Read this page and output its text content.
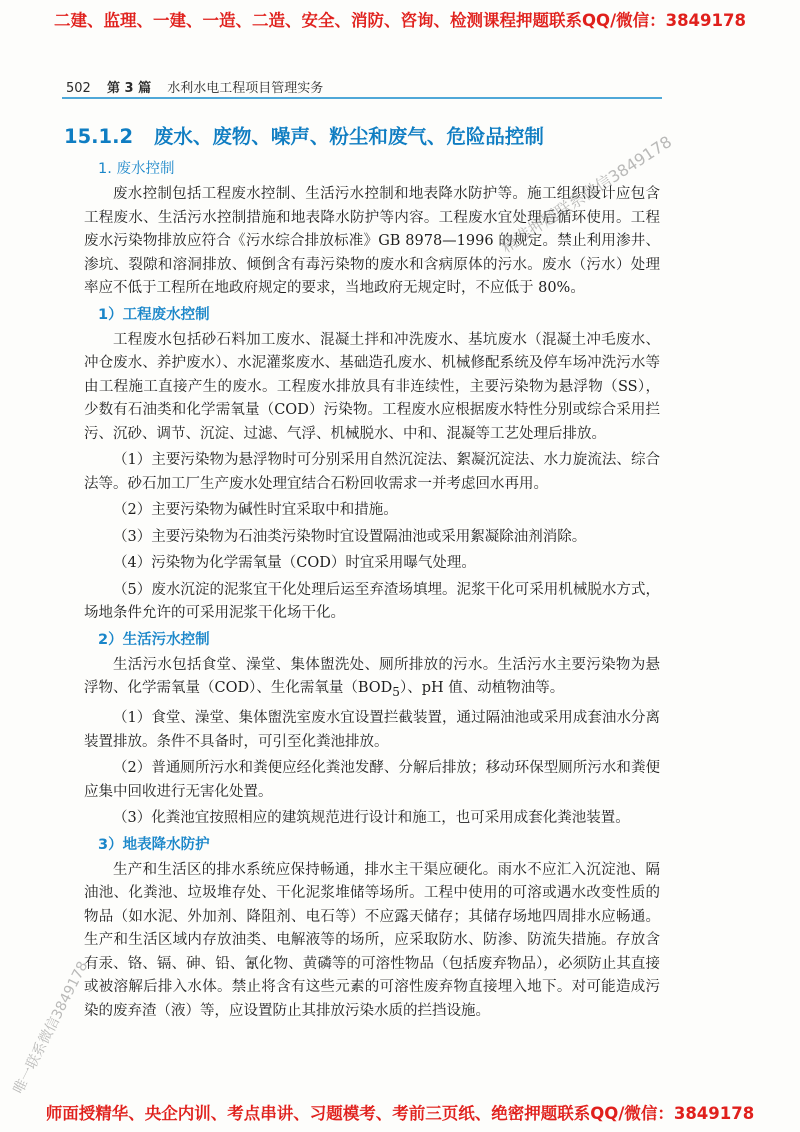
二建、监理、一建、一造、二造、安全、消防、咨询、检测课程押题联系QQ/微信：3849178
502 第 3 篇 水利水电工程项目管理实务
15.1.2 废水、废物、噪声、粉尘和废气、危险品控制
1. 废水控制

废水控制包括工程废水控制、生活污水控制和地表降水防护等。施工组织设计应包含工程废水、生活污水控制措施和地表降水防护等内容。工程废水宜处理后循环使用。工程废水污染物排放应符合《污水综合排放标准》GB 8978—1996 的规定。禁止利用渗井、渗坑、裂隙和溶洞排放、倾倒含有毒污染物的废水和含病原体的污水。废水（污水）处理率应不低于工程所在地政府规定的要求，当地政府无规定时，不应低于 80%。

1）工程废水控制

工程废水包括砂石料加工废水、混凝土拌和冲洗废水、基坑废水（混凝土冲毛废水、冲仓废水、养护废水）、水泥灌浆废水、基础造孔废水、机械修配系统及停车场冲洗污水等由工程施工直接产生的废水。工程废水排放具有非连续性，主要污染物为悬浮物（SS），少数有石油类和化学需氧量（COD）污染物。工程废水应根据废水特性分别或综合采用拦污、沉砂、调节、沉淀、过滤、气浮、机械脱水、中和、混凝等工艺处理后排放。

（1）主要污染物为悬浮物时可分别采用自然沉淀法、絮凝沉淀法、水力旋流法、综合法等。砂石加工厂生产废水处理宜结合石粉回收需求一并考虑回水再用。

（2）主要污染物为碱性时宜采取中和措施。

（3）主要污染物为石油类污染物时宜设置隔油池或采用絮凝除油剂消除。

（4）污染物为化学需氧量（COD）时宜采用曝气处理。

（5）废水沉淀的泥浆宜干化处理后运至弃渣场填埋。泥浆干化可采用机械脱水方式，场地条件允许的可采用泥浆干化场干化。

2）生活污水控制

生活污水包括食堂、澡堂、集体盥洗处、厕所排放的污水。生活污水主要污染物为悬浮物、化学需氧量（COD）、生化需氧量$(BOD_5)$、pH 值、动植物油等。

（1）食堂、澡堂、集体盥洗室废水宜设置拦截装置，通过隔油池或采用成套油水分离装置排放。条件不具备时，可引至化粪池排放。

（2）普通厕所污水和粪便应经化粪池发酵、分解后排放；移动环保型厕所污水和粪便应集中回收进行无害化处置。

（3）化粪池宜按照相应的建筑规范进行设计和施工，也可采用成套化粪池装置。

3）地表降水防护

生产和生活区的排水系统应保持畅通，排水主干渠应硬化。雨水不应汇入沉淀池、隔油池、化粪池、垃圾堆存处、干化泥浆堆储等场所。工程中使用的可溶或遇水改变性质的物品（如水泥、外加剂、降阻剂、电石等）不应露天储存；其储存场地四周排水应畅通。生产和生活区域内存放油类、电解液等的场所，应采取防水、防渗、防流失措施。存放含有汞、铬、镉、砷、铅、氰化物、黄磷等的可溶性物品（包括废弃物品），必须防止其直接或被溶解后排入水体。禁止将含有这些元素的可溶性废弃物直接埋入地下。对可能造成污染的废弃渣（液）等，应设置防止其排放污染水质的拦挡设施。

精准押题联系微信3849178
唯一联系微信3849178
师面授精华、央企内训、考点串讲、习题模考、考前三页纸、绝密押题联系QQ/微信：3849178
